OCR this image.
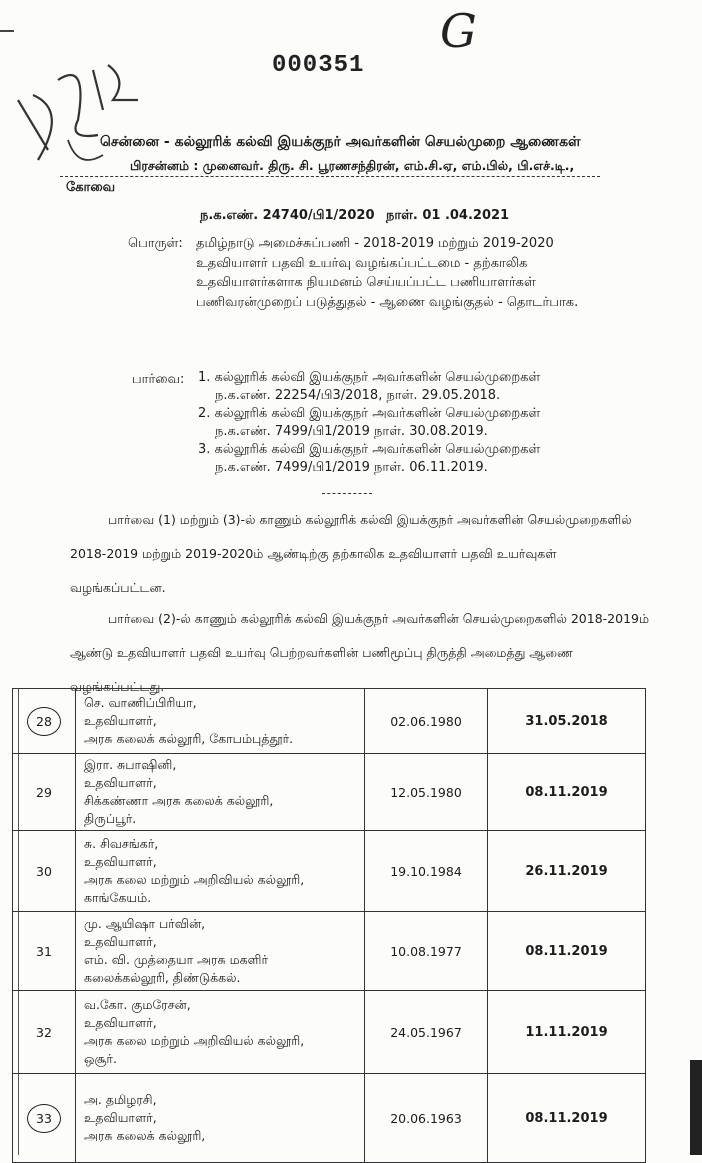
G
000351
சென்னை - கல்லூரிக் கல்வி இயக்குநர் அவர்களின் செயல்முறை ஆணைகள்
பிரசன்னம் : முனைவர். திரு. சி. பூரணசந்திரன், எம்.சி.ஏ, எம்.பில், பி.எச்.டி.,
கோவை
ந.க.எண். 24740/பி1/2020 நாள். 01 .04.2021
பொருள்: தமிழ்நாடு அமைச்சுப்பணி - 2018-2019 மற்றும் 2019-2020 உதவியாளர் பதவி உயர்வு வழங்கப்பட்டமை - தற்காலிக உதவியாளர்களாக நியமனம் செய்யப்பட்ட பணியாளர்கள் பணிவரன்முறைப் படுத்துதல் - ஆணை வழங்குதல் - தொடர்பாக.
பார்வை: 1. கல்லூரிக் கல்வி இயக்குநர் அவர்களின் செயல்முறைகள்
ந.க.எண். 22254/பி3/2018, நாள். 29.05.2018.
2. கல்லூரிக் கல்வி இயக்குநர் அவர்களின் செயல்முறைகள்
ந.க.எண். 7499/பி1/2019 நாள். 30.08.2019.
3. கல்லூரிக் கல்வி இயக்குநர் அவர்களின் செயல்முறைகள்
ந.க.எண். 7499/பி1/2019 நாள். 06.11.2019.
பார்வை (1) மற்றும் (3)-ல் காணும் கல்லூரிக் கல்வி இயக்குநர் அவர்களின் செயல்முறைகளில் 2018-2019 மற்றும் 2019-2020ம் ஆண்டிற்கு தற்காலிக உதவியாளர் பதவி உயர்வுகள் வழங்கப்பட்டன.
பார்வை (2)-ல் காணும் கல்லூரிக் கல்வி இயக்குநர் அவர்களின் செயல்முறைகளில் 2018-2019ம் ஆண்டு உதவியாளர் பதவி உயர்வு பெற்றவர்களின் பணிமூப்பு திருத்தி அமைத்து ஆணை வழங்கப்பட்டது.
28	செ. வாணிப்பிரியா,
உதவியாளர்,
அரசு கலைக் கல்லூரி, கோபம்புத்தூர்.	02.06.1980	31.05.2018
29	இரா. சுபாஷினி,
உதவியாளர்,
சிக்கண்ணா அரசு கலைக் கல்லூரி,
திருப்பூர்.	12.05.1980	08.11.2019
30	சு. சிவசங்கர்,
உதவியாளர்,
அரசு கலை மற்றும் அறிவியல் கல்லூரி,
காங்கேயம்.	19.10.1984	26.11.2019
31	மு. ஆயிஷா பர்வின்,
உதவியாளர்,
எம். வி. முத்தையா அரசு மகளிர்
கலைக்கல்லூரி, திண்டுக்கல்.	10.08.1977	08.11.2019
32	வ.கோ. குமரேசன்,
உதவியாளர்,
அரசு கலை மற்றும் அறிவியல் கல்லூரி,
ஒசூர்.	24.05.1967	11.11.2019
33	அ. தமிழரசி,
உதவியாளர்,
அரசு கலைக் கல்லூரி,	20.06.1963	08.11.2019
